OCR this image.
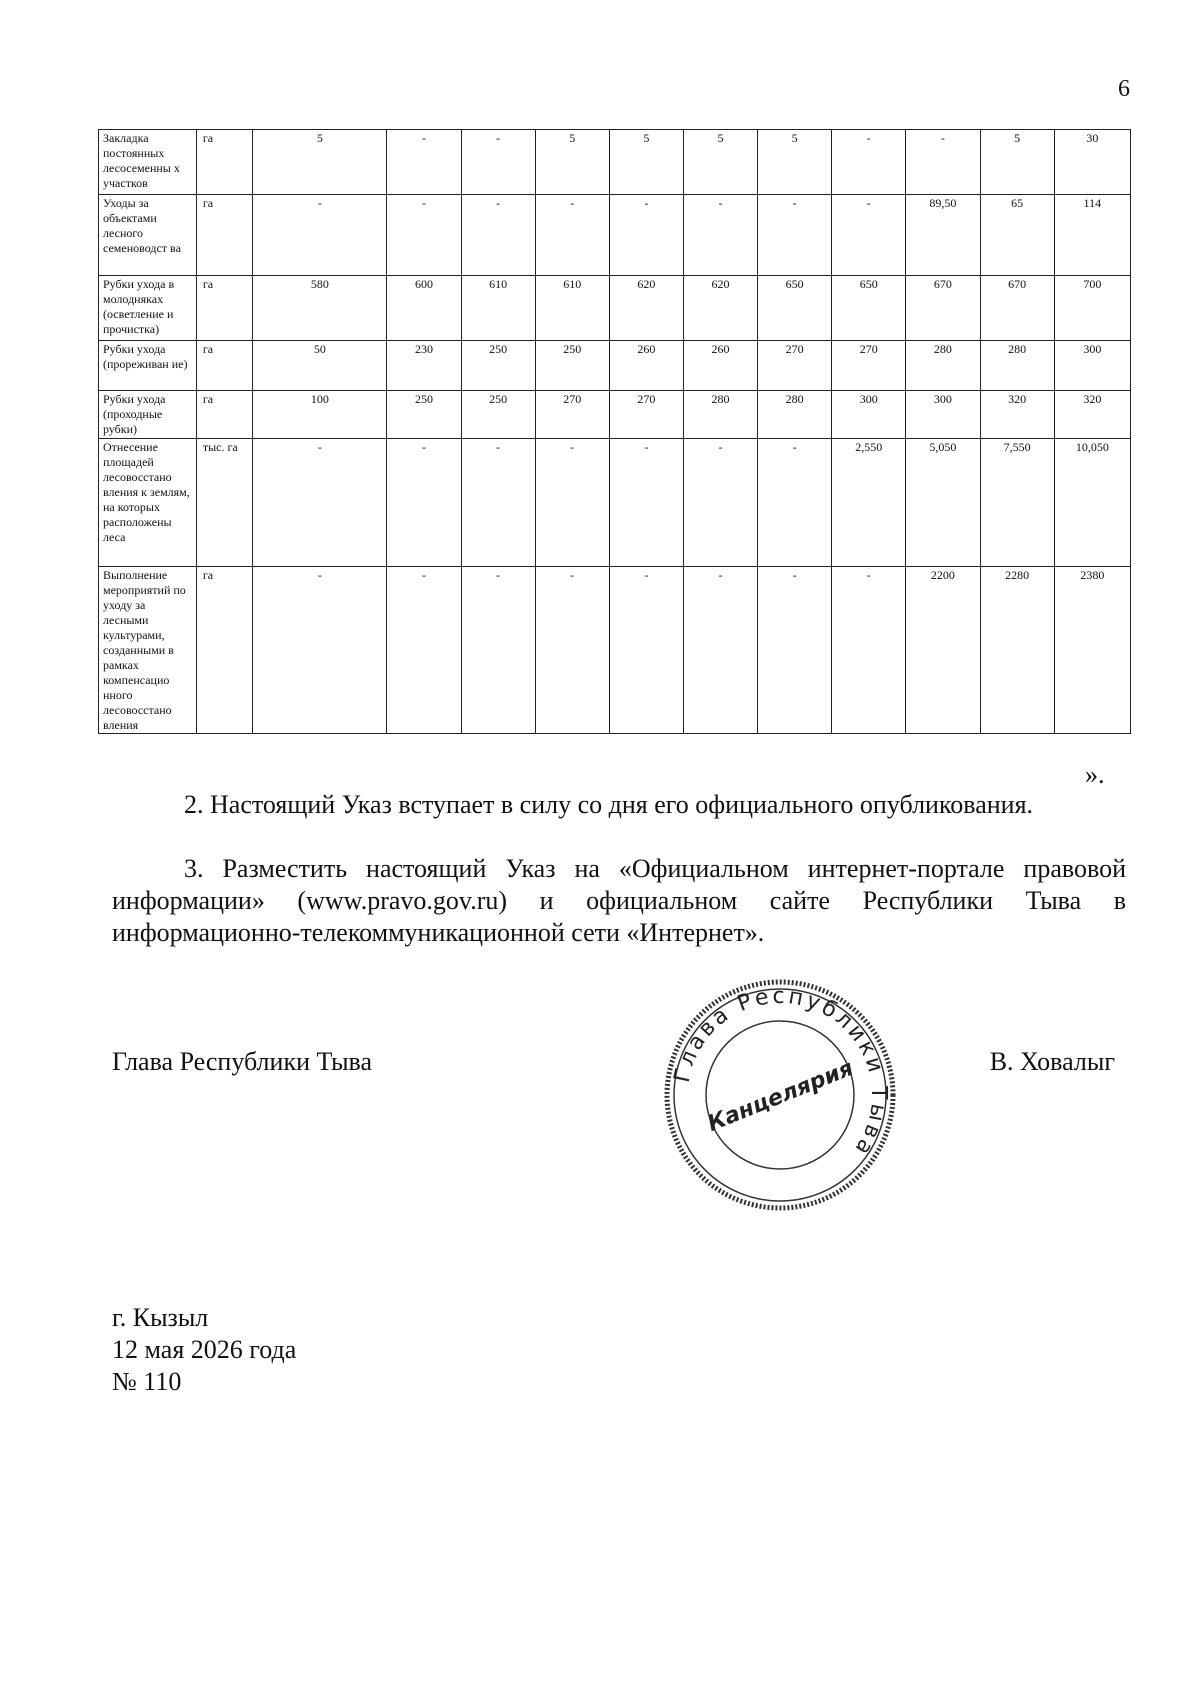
6
Закладка постоянных лесосеменны х участков	га	5	-	-	5	5	5	5	-	-	5	30
Уходы за объектами лесного семеноводст ва	га	-	-	-	-	-	-	-	-	89,50	65	114
Рубки ухода в молодняках (осветление и прочистка)	га	580	600	610	610	620	620	650	650	670	670	700
Рубки ухода (прореживан ие)	га	50	230	250	250	260	260	270	270	280	280	300
Рубки ухода (проходные рубки)	га	100	250	250	270	270	280	280	300	300	320	320
Отнесение площадей лесовосстано вления к землям, на которых расположены леса	тыс. га	-	-	-	-	-	-	-	2,550	5,050	7,550	10,050
Выполнение мероприятий по уходу за лесными культурами, созданными в рамках компенсацио нного лесовосстано вления	га	-	-	-	-	-	-	-	-	2200	2280	2380
».
2. Настоящий Указ вступает в силу со дня его официального опубликования.
3. Разместить настоящий Указ на «Официальном интернет-портале правовой информации» (www.pravo.gov.ru) и официальном сайте Республики Тыва в информационно-телекоммуникационной сети «Интернет».
Глава Республики Тыва	В. Ховалыг
Глава Республики Тыва
Канцелярия
г. Кызыл
12 мая 2026 года
№ 110
